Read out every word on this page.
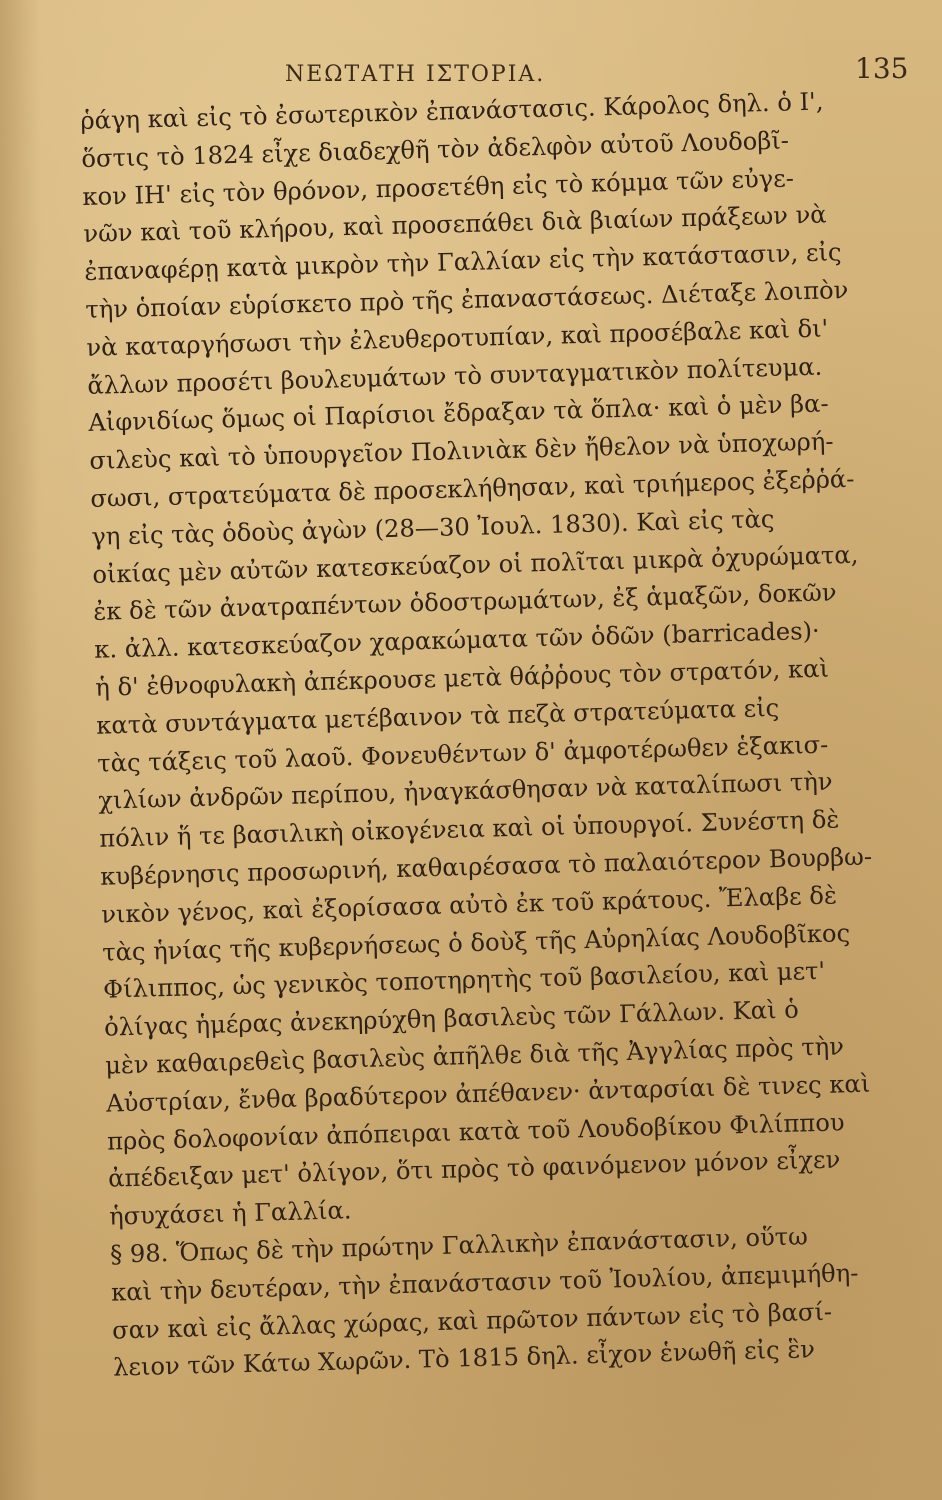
ΝΕΩΤΑΤΗ ΙΣΤΟΡΙΑ.	135
ῥάγη καὶ εἰς τὸ ἐσωτερικὸν ἐπανάστασις. Κάρολος δηλ. ὁ Ι',
ὅστις τὸ 1824 εἶχε διαδεχθῆ τὸν ἀδελφὸν αὐτοῦ Λουδοβῖ-
κον ΙΗ' εἰς τὸν θρόνον, προσετέθη εἰς τὸ κόμμα τῶν εὐγε-
νῶν καὶ τοῦ κλήρου, καὶ προσεπάθει διὰ βιαίων πράξεων νὰ
ἐπαναφέρῃ κατὰ μικρὸν τὴν Γαλλίαν εἰς τὴν κατάστασιν, εἰς
τὴν ὁποίαν εὑρίσκετο πρὸ τῆς ἐπαναστάσεως. Διέταξε λοιπὸν
νὰ καταργήσωσι τὴν ἐλευθεροτυπίαν, καὶ προσέβαλε καὶ δι'
ἄλλων προσέτι βουλευμάτων τὸ συνταγματικὸν πολίτευμα.
Αἰφνιδίως ὅμως οἱ Παρίσιοι ἔδραξαν τὰ ὅπλα· καὶ ὁ μὲν βα-
σιλεὺς καὶ τὸ ὑπουργεῖον Πολινιὰκ δὲν ἤθελον νὰ ὑποχωρή-
σωσι, στρατεύματα δὲ προσεκλήθησαν, καὶ τριήμερος ἐξεῤῥά-
γη εἰς τὰς ὁδοὺς ἀγὼν (28—30 Ἰουλ. 1830). Καὶ εἰς τὰς
οἰκίας μὲν αὐτῶν κατεσκεύαζον οἱ πολῖται μικρὰ ὀχυρώματα,
ἐκ δὲ τῶν ἀνατραπέντων ὁδοστρωμάτων, ἐξ ἁμαξῶν, δοκῶν
κ. ἀλλ. κατεσκεύαζον χαρακώματα τῶν ὁδῶν (barricades)·
ἡ δ' ἐθνοφυλακὴ ἀπέκρουσε μετὰ θάῤῥους τὸν στρατόν, καὶ
κατὰ συντάγματα μετέβαινον τὰ πεζὰ στρατεύματα εἰς
τὰς τάξεις τοῦ λαοῦ. Φονευθέντων δ' ἀμφοτέρωθεν ἑξακισ-
χιλίων ἀνδρῶν περίπου, ἠναγκάσθησαν νὰ καταλίπωσι τὴν
πόλιν ἥ τε βασιλικὴ οἰκογένεια καὶ οἱ ὑπουργοί. Συνέστη δὲ
κυβέρνησις προσωρινή, καθαιρέσασα τὸ παλαιότερον Βουρβω-
νικὸν γένος, καὶ ἐξορίσασα αὐτὸ ἐκ τοῦ κράτους. Ἔλαβε δὲ
τὰς ἡνίας τῆς κυβερνήσεως ὁ δοὺξ τῆς Αὐρηλίας Λουδοβῖκος
Φίλιππος, ὡς γενικὸς τοποτηρητὴς τοῦ βασιλείου, καὶ μετ'
ὀλίγας ἡμέρας ἀνεκηρύχθη βασιλεὺς τῶν Γάλλων. Καὶ ὁ
μὲν καθαιρεθεὶς βασιλεὺς ἀπῆλθε διὰ τῆς Ἀγγλίας πρὸς τὴν
Αὐστρίαν, ἔνθα βραδύτερον ἀπέθανεν· ἀνταρσίαι δὲ τινες καὶ
πρὸς δολοφονίαν ἀπόπειραι κατὰ τοῦ Λουδοβίκου Φιλίππου
ἀπέδειξαν μετ' ὀλίγον, ὅτι πρὸς τὸ φαινόμενον μόνον εἶχεν
ἡσυχάσει ἡ Γαλλία.
§ 98. Ὅπως δὲ τὴν πρώτην Γαλλικὴν ἐπανάστασιν, οὕτω
καὶ τὴν δευτέραν, τὴν ἐπανάστασιν τοῦ Ἰουλίου, ἀπεμιμήθη-
σαν καὶ εἰς ἄλλας χώρας, καὶ πρῶτον πάντων εἰς τὸ βασί-
λειον τῶν Κάτω Χωρῶν. Τὸ 1815 δηλ. εἶχον ἑνωθῆ εἰς ἓν
